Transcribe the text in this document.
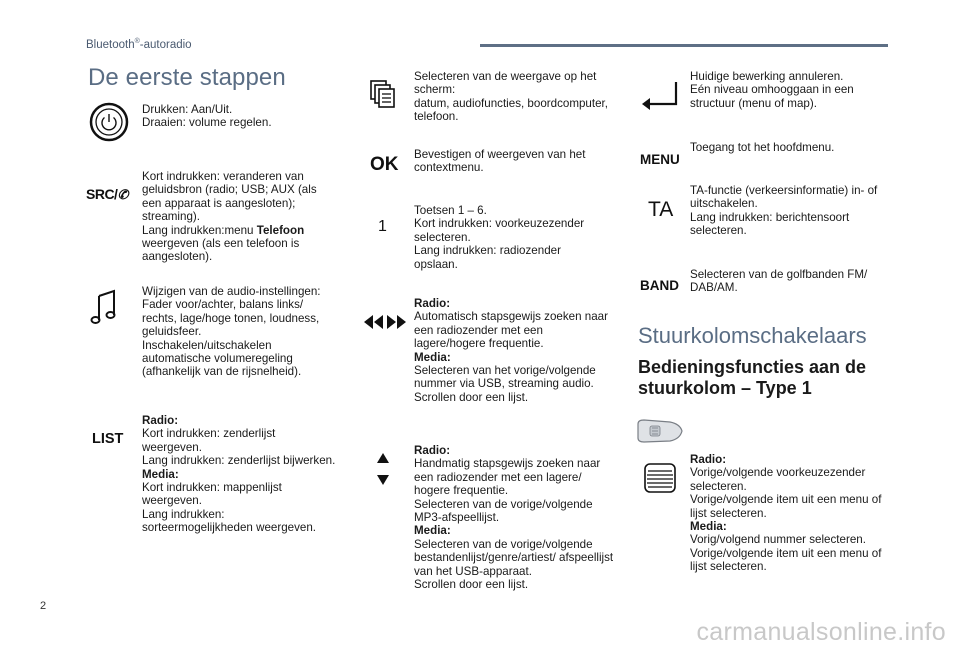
Bluetooth®-autoradio
De eerste stappen
Drukken: Aan/Uit.
Draaien: volume regelen.
SRC/✆
Kort indrukken: veranderen van geluidsbron (radio; USB; AUX (als een apparaat is aangesloten); streaming).
Lang indrukken:menu Telefoon
weergeven (als een telefoon is aangesloten).
Wijzigen van de audio-instellingen: Fader voor/achter, balans links/ rechts, lage/hoge tonen, loudness, geluidsfeer.
Inschakelen/uitschakelen automatische volumeregeling (afhankelijk van de rijsnelheid).
LIST
Radio:
Kort indrukken: zenderlijst weergeven.
Lang indrukken: zenderlijst bijwerken.
Media:
Kort indrukken: mappenlijst weergeven.
Lang indrukken: sorteermogelijkheden weergeven.
Selecteren van de weergave op het scherm:
datum, audiofuncties, boordcomputer, telefoon.
OK Bevestigen of weergeven van het contextmenu.
1
Toetsen 1 – 6.
Kort indrukken: voorkeuzezender selecteren.
Lang indrukken: radiozender opslaan.
Radio:
Automatisch stapsgewijs zoeken naar een radiozender met een lagere/hogere frequentie.
Media:
Selecteren van het vorige/volgende nummer via USB, streaming audio.
Scrollen door een lijst.
Radio:
Handmatig stapsgewijs zoeken naar een radiozender met een lagere/ hogere frequentie.
Selecteren van de vorige/volgende MP3-afspeellijst.
Media:
Selecteren van de vorige/volgende bestandenlijst/genre/artiest/ afspeellijst van het USB-apparaat.
Scrollen door een lijst.
Huidige bewerking annuleren.
Eén niveau omhooggaan in een structuur (menu of map).
MENU
Toegang tot het hoofdmenu.
TA
TA-functie (verkeersinformatie) in- of uitschakelen.
Lang indrukken: berichtensoort selecteren.
BAND
Selecteren van de golfbanden FM/ DAB/AM.
Stuurkolomschakelaars
Bedieningsfuncties aan de
stuurkolom – Type 1
Radio:
Vorige/volgende voorkeuzezender selecteren.
Vorige/volgende item uit een menu of lijst selecteren.
Media:
Vorig/volgend nummer selecteren.
Vorige/volgende item uit een menu of lijst selecteren.
2
carmanualsonline.info
